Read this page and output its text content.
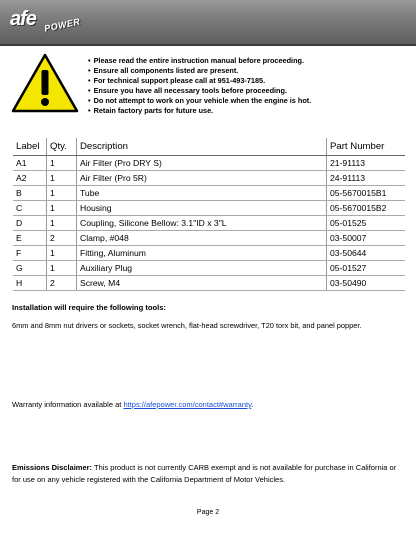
afe POWER
• Please read the entire instruction manual before proceeding.
• Ensure all components listed are present.
• For technical support please call at 951-493-7185.
• Ensure you have all necessary tools before proceeding.
• Do not attempt to work on your vehicle when the engine is hot.
• Retain factory parts for future use.
Label	Qty.	Description	Part Number
A1	1	Air Filter (Pro DRY S)	21-91113
A2	1	Air Filter (Pro 5R)	24-91113
B	1	Tube	05-5670015B1
C	1	Housing	05-5670015B2
D	1	Coupling, Silicone Bellow: 3.1"ID x 3"L	05-01525
E	2	Clamp, #048	03-50007
F	1	Fitting, Aluminum	03-50644
G	1	Auxiliary Plug	05-01527
H	2	Screw, M4	03-50490
Installation will require the following tools:
6mm and 8mm nut drivers or sockets, socket wrench, flat-head screwdriver, T20 torx bit, and panel popper.
Warranty information available at https://afepower.com/contact#warranty.
Emissions Disclaimer: This product is not currently CARB exempt and is not available for purchase in California or for use on any vehicle registered with the California Department of Motor Vehicles.
Page 2
